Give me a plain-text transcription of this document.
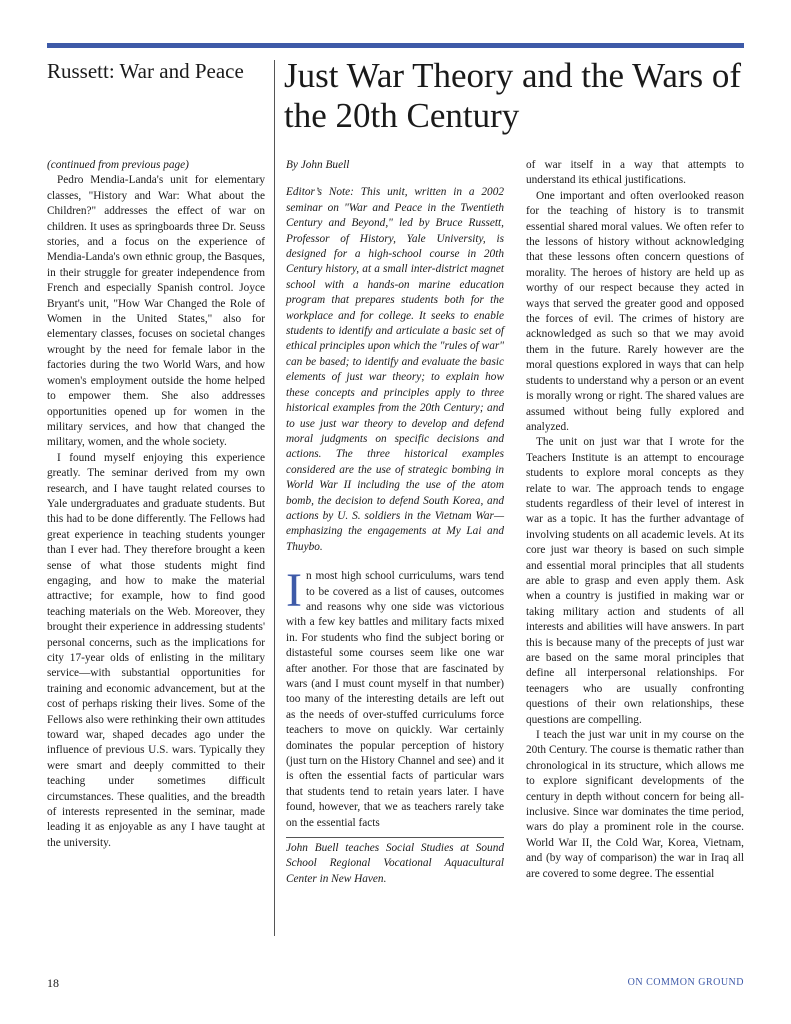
Russett: War and Peace	Just War Theory and the Wars of the 20th Century

(continued from previous page)

Pedro Mendia-Landa's unit for elementary classes, "History and War: What about the Children?" addresses the effect of war on children. It uses as springboards three Dr. Seuss stories, and a focus on the experience of Mendia-Landa's own ethnic group, the Basques, in their struggle for greater independence from French and especially Spanish control. Joyce Bryant's unit, "How War Changed the Role of Women in the United States," also for elementary classes, focuses on societal changes wrought by the need for female labor in the factories during the two World Wars, and how women's employment outside the home helped to empower them. She also addresses opportunities opened up for women in the military services, and how that changed the military, women, and the whole society.

I found myself enjoying this experience greatly. The seminar derived from my own research, and I have taught related courses to Yale undergraduates and graduate students. But this had to be done differently. The Fellows had great experience in teaching students younger than I ever had. They therefore brought a keen sense of what those students might find engaging, and how to make the material attractive; for example, how to find good teaching materials on the Web. Moreover, they brought their experience in addressing students' personal concerns, such as the implications for city 17-year olds of enlisting in the military service—with substantial opportunities for training and economic advancement, but at the cost of perhaps risking their lives. Some of the Fellows also were rethinking their own attitudes toward war, shaped decades ago under the influence of previous U.S. wars. Typically they were smart and deeply committed to their teaching under sometimes difficult circumstances. These qualities, and the breadth of interests represented in the seminar, made leading it as enjoyable as any I have taught at the university.

By John Buell

Editor’s Note: This unit, written in a 2002 seminar on "War and Peace in the Twentieth Century and Beyond," led by Bruce Russett, Professor of History, Yale University, is designed for a high-school course in 20th Century history, at a small inter-district magnet school with a hands-on marine education program that prepares students both for the workplace and for college. It seeks to enable students to identify and articulate a basic set of ethical principles upon which the "rules of war" can be based; to identify and evaluate the basic elements of just war theory; to explain how these concepts and principles apply to three historical examples from the 20th Century; and to use just war theory to develop and defend moral judgments on specific decisions and actions. The three historical examples considered are the use of strategic bombing in World War II including the use of the atom bomb, the decision to defend South Korea, and actions by U. S. soldiers in the Vietnam War—emphasizing the engagements at My Lai and Thuybo.

In most high school curriculums, wars tend to be covered as a list of causes, outcomes and reasons why one side was victorious with a few key battles and military facts mixed in. For students who find the subject boring or distasteful some courses seem like one war after another. For those that are fascinated by wars (and I must count myself in that number) too many of the interesting details are left out as the needs of over-stuffed curriculums force teachers to move on quickly. War certainly dominates the popular perception of history (just turn on the History Channel and see) and it is often the essential facts of particular wars that students tend to retain years later. I have found, however, that we as teachers rarely take on the essential facts

John Buell teaches Social Studies at Sound School Regional Vocational Aquacultural Center in New Haven.

of war itself in a way that attempts to understand its ethical justifications.

One important and often overlooked reason for the teaching of history is to transmit essential shared moral values. We often refer to the lessons of history without acknowledging that these lessons often concern questions of morality. The heroes of history are held up as worthy of our respect because they acted in ways that served the greater good and opposed the forces of evil. The crimes of history are acknowledged as such so that we may avoid them in the future. Rarely however are the moral questions explored in ways that can help students to understand why a person or an event is morally wrong or right. The shared values are assumed without being fully explored and analyzed.

The unit on just war that I wrote for the Teachers Institute is an attempt to encourage students to explore moral concepts as they relate to war. The approach tends to engage students regardless of their level of interest in war as a topic. It has the further advantage of involving students on all academic levels. At its core just war theory is based on such simple and essential moral principles that all students are able to grasp and even apply them. Ask when a country is justified in making war or taking military action and students of all interests and abilities will have answers. In part this is because many of the precepts of just war are based on the same moral principles that define all interpersonal relationships. For teenagers who are usually confronting questions of their own relationships, these questions are compelling.

I teach the just war unit in my course on the 20th Century. The course is thematic rather than chronological in its structure, which allows me to explore significant developments of the century in depth without concern for being all-inclusive. Since war dominates the time period, wars do play a prominent role in the course. World War II, the Cold War, Korea, Vietnam, and (by way of comparison) the war in Iraq all are covered to some degree. The essential

18	ON COMMON GROUND
